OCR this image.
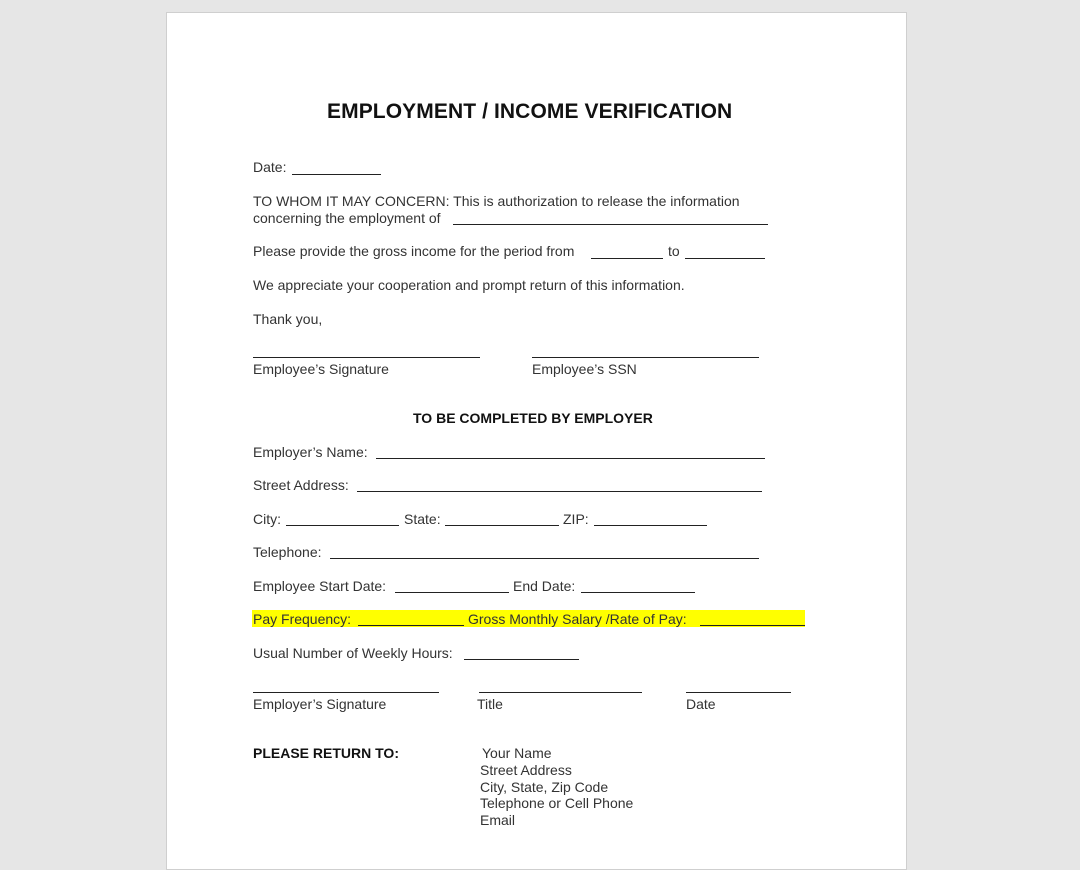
EMPLOYMENT / INCOME VERIFICATION
Date:
TO WHOM IT MAY CONCERN: This is authorization to release the information
concerning the employment of
Please provide the gross income for the period from	to
We appreciate your cooperation and prompt return of this information.
Thank you,
Employee’s Signature	Employee’s SSN
TO BE COMPLETED BY EMPLOYER
Employer’s Name:
Street Address:
City:	State:	ZIP:
Telephone:
Employee Start Date:	End Date:
Pay Frequency:	Gross Monthly Salary /Rate of Pay:
Usual Number of Weekly Hours:
Employer’s Signature	Title	Date
PLEASE RETURN TO:	Your Name
Street Address
City, State, Zip Code
Telephone or Cell Phone
Email
